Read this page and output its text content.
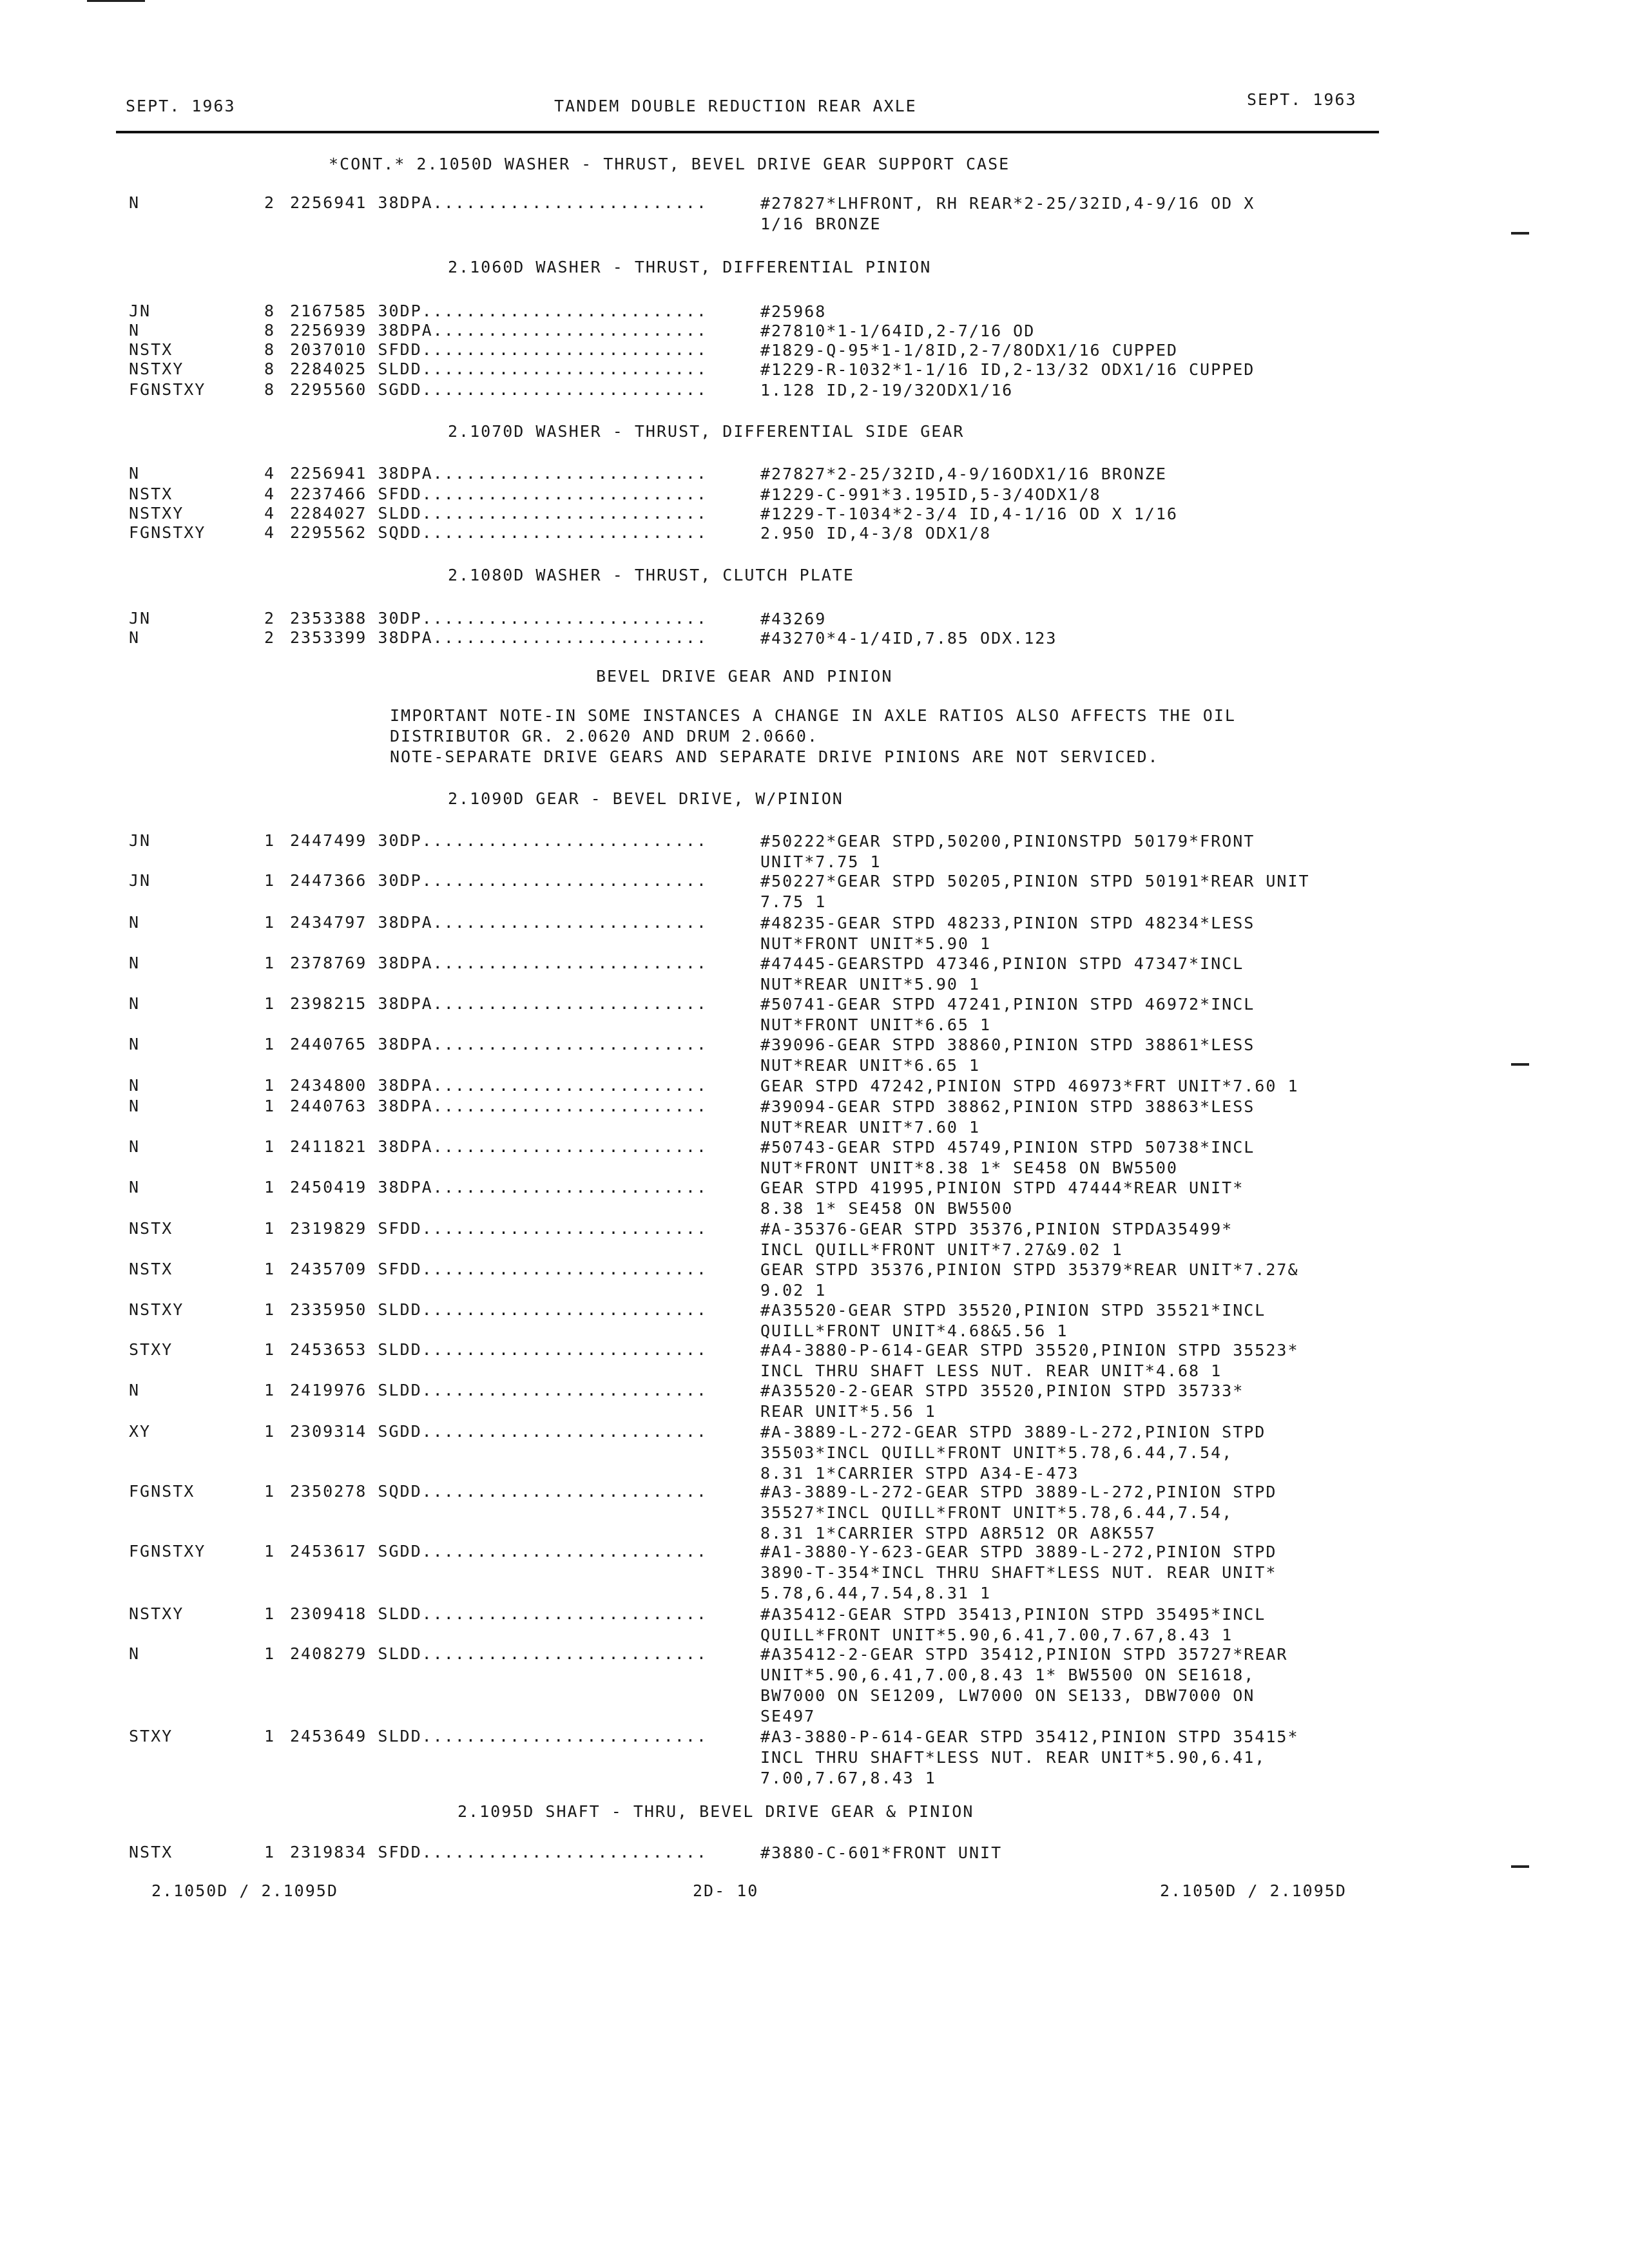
SEPT. 1963	TANDEM DOUBLE REDUCTION REAR AXLE	SEPT. 1963
*CONT.* 2.1050D WASHER - THRUST, BEVEL DRIVE GEAR SUPPORT CASE
N	2 2256941 38DPA.........................	#27827*LHFRONT, RH REAR*2-25/32ID,4-9/16 OD X
1/16 BRONZE
2.1060D WASHER - THRUST, DIFFERENTIAL PINION
JN	8 2167585 30DP..........................	#25968
N	8 2256939 38DPA.........................	#27810*1-1/64ID,2-7/16 OD
NSTX	8 2037010 SFDD..........................	#1829-Q-95*1-1/8ID,2-7/8ODX1/16 CUPPED
NSTXY	8 2284025 SLDD..........................	#1229-R-1032*1-1/16 ID,2-13/32 ODX1/16 CUPPED
FGNSTXY	8 2295560 SGDD..........................	1.128 ID,2-19/32ODX1/16
2.1070D WASHER - THRUST, DIFFERENTIAL SIDE GEAR
N	4 2256941 38DPA.........................	#27827*2-25/32ID,4-9/16ODX1/16 BRONZE
NSTX	4 2237466 SFDD..........................	#1229-C-991*3.195ID,5-3/4ODX1/8
NSTXY	4 2284027 SLDD..........................	#1229-T-1034*2-3/4 ID,4-1/16 OD X 1/16
FGNSTXY	4 2295562 SQDD..........................	2.950 ID,4-3/8 ODX1/8
2.1080D WASHER - THRUST, CLUTCH PLATE
JN	2 2353388 30DP..........................	#43269
N	2 2353399 38DPA.........................	#43270*4-1/4ID,7.85 ODX.123
BEVEL DRIVE GEAR AND PINION
IMPORTANT NOTE-IN SOME INSTANCES A CHANGE IN AXLE RATIOS ALSO AFFECTS THE OIL
DISTRIBUTOR GR. 2.0620 AND DRUM 2.0660.
NOTE-SEPARATE DRIVE GEARS AND SEPARATE DRIVE PINIONS ARE NOT SERVICED.
2.1090D GEAR - BEVEL DRIVE, W/PINION
JN	1 2447499 30DP..........................	#50222*GEAR STPD,50200,PINIONSTPD 50179*FRONT
UNIT*7.75 1
JN	1 2447366 30DP..........................	#50227*GEAR STPD 50205,PINION STPD 50191*REAR UNIT
7.75 1
N	1 2434797 38DPA.........................	#48235-GEAR STPD 48233,PINION STPD 48234*LESS
NUT*FRONT UNIT*5.90 1
N	1 2378769 38DPA.........................	#47445-GEARSTPD 47346,PINION STPD 47347*INCL
NUT*REAR UNIT*5.90 1
N	1 2398215 38DPA.........................	#50741-GEAR STPD 47241,PINION STPD 46972*INCL
NUT*FRONT UNIT*6.65 1
N	1 2440765 38DPA.........................	#39096-GEAR STPD 38860,PINION STPD 38861*LESS
NUT*REAR UNIT*6.65 1
N	1 2434800 38DPA.........................	GEAR STPD 47242,PINION STPD 46973*FRT UNIT*7.60 1
N	1 2440763 38DPA.........................	#39094-GEAR STPD 38862,PINION STPD 38863*LESS
NUT*REAR UNIT*7.60 1
N	1 2411821 38DPA.........................	#50743-GEAR STPD 45749,PINION STPD 50738*INCL
NUT*FRONT UNIT*8.38 1* SE458 ON BW5500
N	1 2450419 38DPA.........................	GEAR STPD 41995,PINION STPD 47444*REAR UNIT*
8.38 1* SE458 ON BW5500
NSTX	1 2319829 SFDD..........................	#A-35376-GEAR STPD 35376,PINION STPDA35499*
INCL QUILL*FRONT UNIT*7.27&9.02 1
NSTX	1 2435709 SFDD..........................	GEAR STPD 35376,PINION STPD 35379*REAR UNIT*7.27&
9.02 1
NSTXY	1 2335950 SLDD..........................	#A35520-GEAR STPD 35520,PINION STPD 35521*INCL
QUILL*FRONT UNIT*4.68&5.56 1
STXY	1 2453653 SLDD..........................	#A4-3880-P-614-GEAR STPD 35520,PINION STPD 35523*
INCL THRU SHAFT LESS NUT. REAR UNIT*4.68 1
N	1 2419976 SLDD..........................	#A35520-2-GEAR STPD 35520,PINION STPD 35733*
REAR UNIT*5.56 1
XY	1 2309314 SGDD..........................	#A-3889-L-272-GEAR STPD 3889-L-272,PINION STPD
35503*INCL QUILL*FRONT UNIT*5.78,6.44,7.54,
8.31 1*CARRIER STPD A34-E-473
FGNSTX	1 2350278 SQDD..........................	#A3-3889-L-272-GEAR STPD 3889-L-272,PINION STPD
35527*INCL QUILL*FRONT UNIT*5.78,6.44,7.54,
8.31 1*CARRIER STPD A8R512 OR A8K557
FGNSTXY	1 2453617 SGDD..........................	#A1-3880-Y-623-GEAR STPD 3889-L-272,PINION STPD
3890-T-354*INCL THRU SHAFT*LESS NUT. REAR UNIT*
5.78,6.44,7.54,8.31 1
NSTXY	1 2309418 SLDD..........................	#A35412-GEAR STPD 35413,PINION STPD 35495*INCL
QUILL*FRONT UNIT*5.90,6.41,7.00,7.67,8.43 1
N	1 2408279 SLDD..........................	#A35412-2-GEAR STPD 35412,PINION STPD 35727*REAR
UNIT*5.90,6.41,7.00,8.43 1* BW5500 ON SE1618,
BW7000 ON SE1209, LW7000 ON SE133, DBW7000 ON
SE497
STXY	1 2453649 SLDD..........................	#A3-3880-P-614-GEAR STPD 35412,PINION STPD 35415*
INCL THRU SHAFT*LESS NUT. REAR UNIT*5.90,6.41,
7.00,7.67,8.43 1
2.1095D SHAFT - THRU, BEVEL DRIVE GEAR & PINION
NSTX	1 2319834 SFDD..........................	#3880-C-601*FRONT UNIT
2.1050D / 2.1095D	2D- 10	2.1050D / 2.1095D
